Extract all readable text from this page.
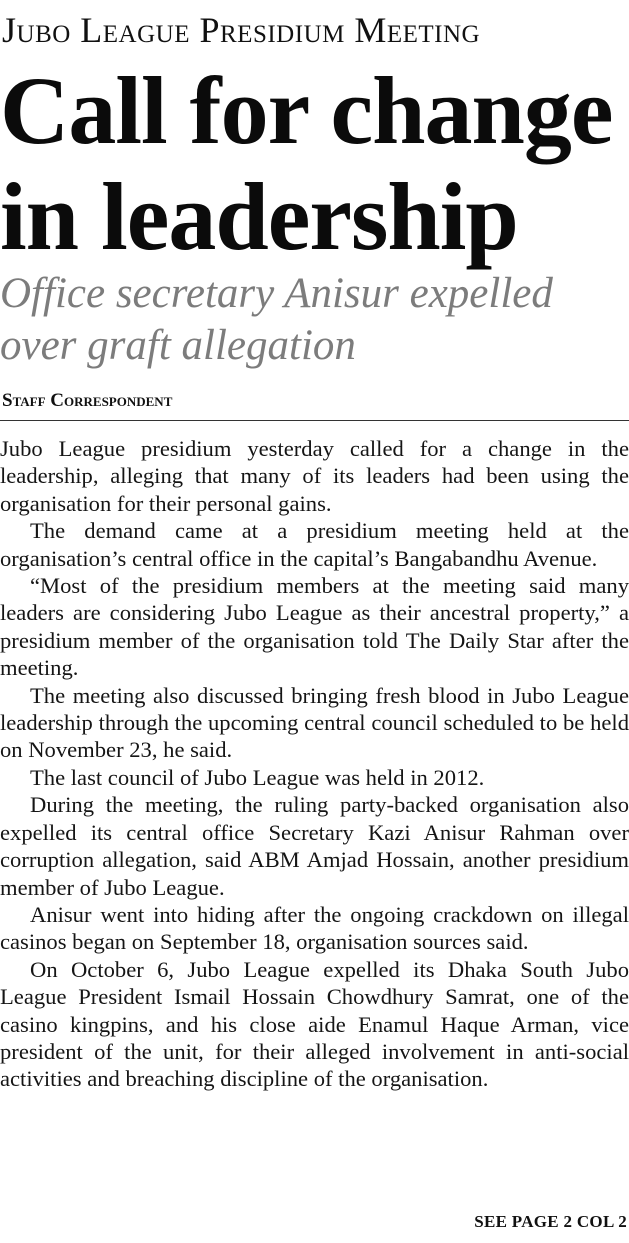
Jubo League Presidium Meeting
Call for change in leadership
Office secretary Anisur expelled over graft allegation
Staff Correspondent

Jubo League presidium yesterday called for a change in the leadership, alleging that many of its leaders had been using the organisation for their personal gains.

The demand came at a presidium meeting held at the organisation’s central office in the capital’s Bangabandhu Avenue.

“Most of the presidium members at the meeting said many leaders are considering Jubo League as their ancestral property,” a presidium member of the organisation told The Daily Star after the meeting.

The meeting also discussed bringing fresh blood in Jubo League leadership through the upcoming central council scheduled to be held on November 23, he said.

The last council of Jubo League was held in 2012.

During the meeting, the ruling party-backed organisation also expelled its central office Secretary Kazi Anisur Rahman over corruption allegation, said ABM Amjad Hossain, another presidium member of Jubo League.

Anisur went into hiding after the ongoing crackdown on illegal casinos began on September 18, organisation sources said.

On October 6, Jubo League expelled its Dhaka South Jubo League President Ismail Hossain Chowdhury Samrat, one of the casino kingpins, and his close aide Enamul Haque Arman, vice president of the unit, for their alleged involvement in anti-social activities and breaching discipline of the organisation.

SEE PAGE 2 COL 2
